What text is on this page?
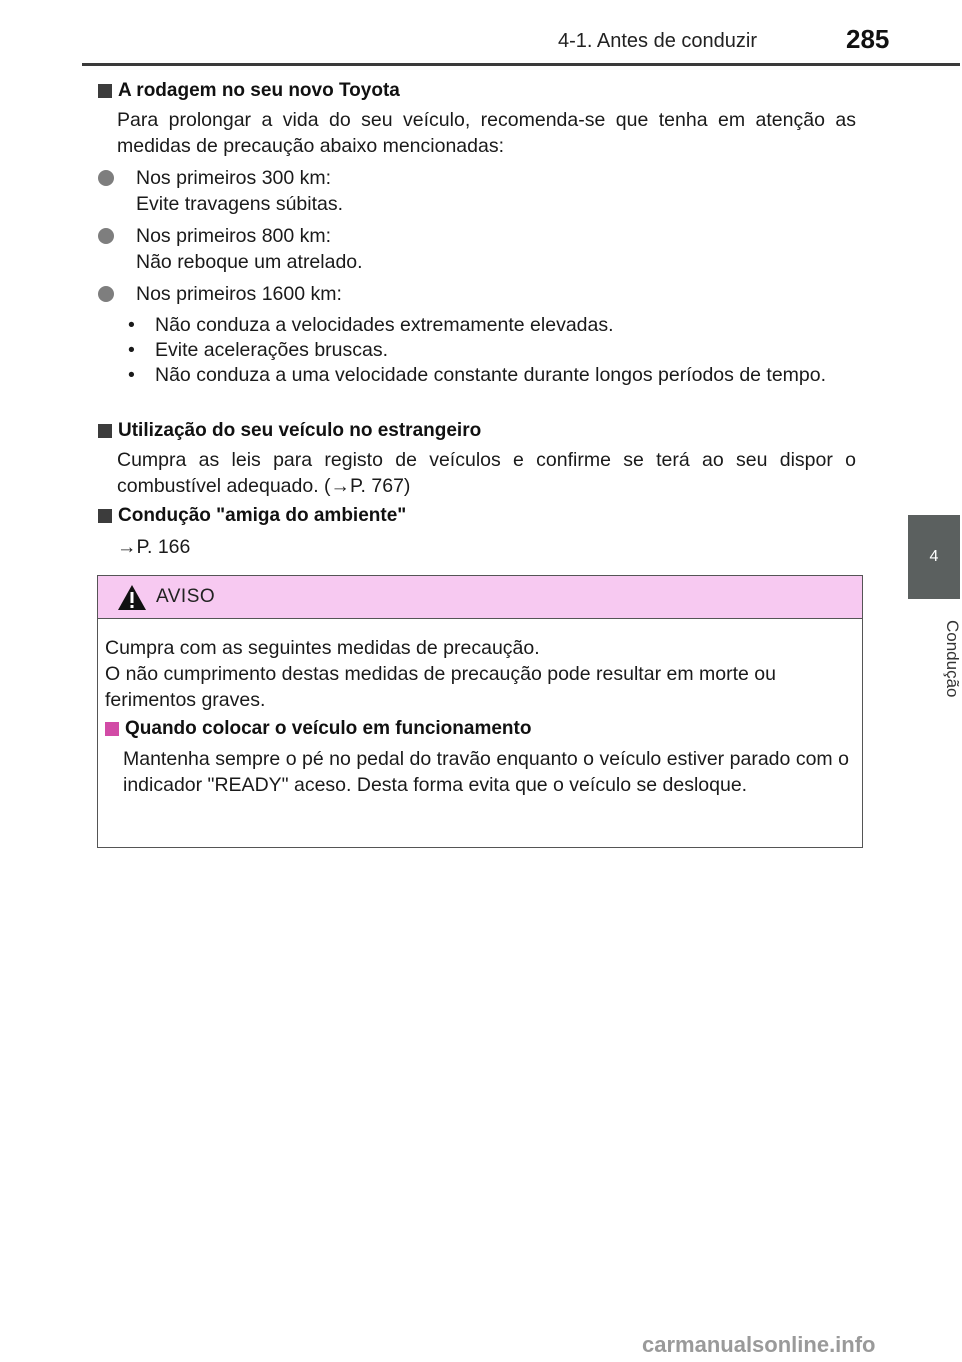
4-1. Antes de conduzir	285
4
Condução
A rodagem no seu novo Toyota
Para prolongar a vida do seu veículo, recomenda-se que tenha em atenção as medidas de precaução abaixo mencionadas:
Nos primeiros 300 km:
Evite travagens súbitas.
Nos primeiros 800 km:
Não reboque um atrelado.
Nos primeiros 1600 km:
• Não conduza a velocidades extremamente elevadas.
• Evite acelerações bruscas.
• Não conduza a uma velocidade constante durante longos períodos de tempo.
Utilização do seu veículo no estrangeiro
Cumpra as leis para registo de veículos e confirme se terá ao seu dispor o combustível adequado. (→P. 767)
Condução "amiga do ambiente"
→P. 166
AVISO
Cumpra com as seguintes medidas de precaução.
O não cumprimento destas medidas de precaução pode resultar em morte ou ferimentos graves.
Quando colocar o veículo em funcionamento
Mantenha sempre o pé no pedal do travão enquanto o veículo estiver parado com o indicador "READY" aceso. Desta forma evita que o veículo se desloque.
carmanualsonline.info
